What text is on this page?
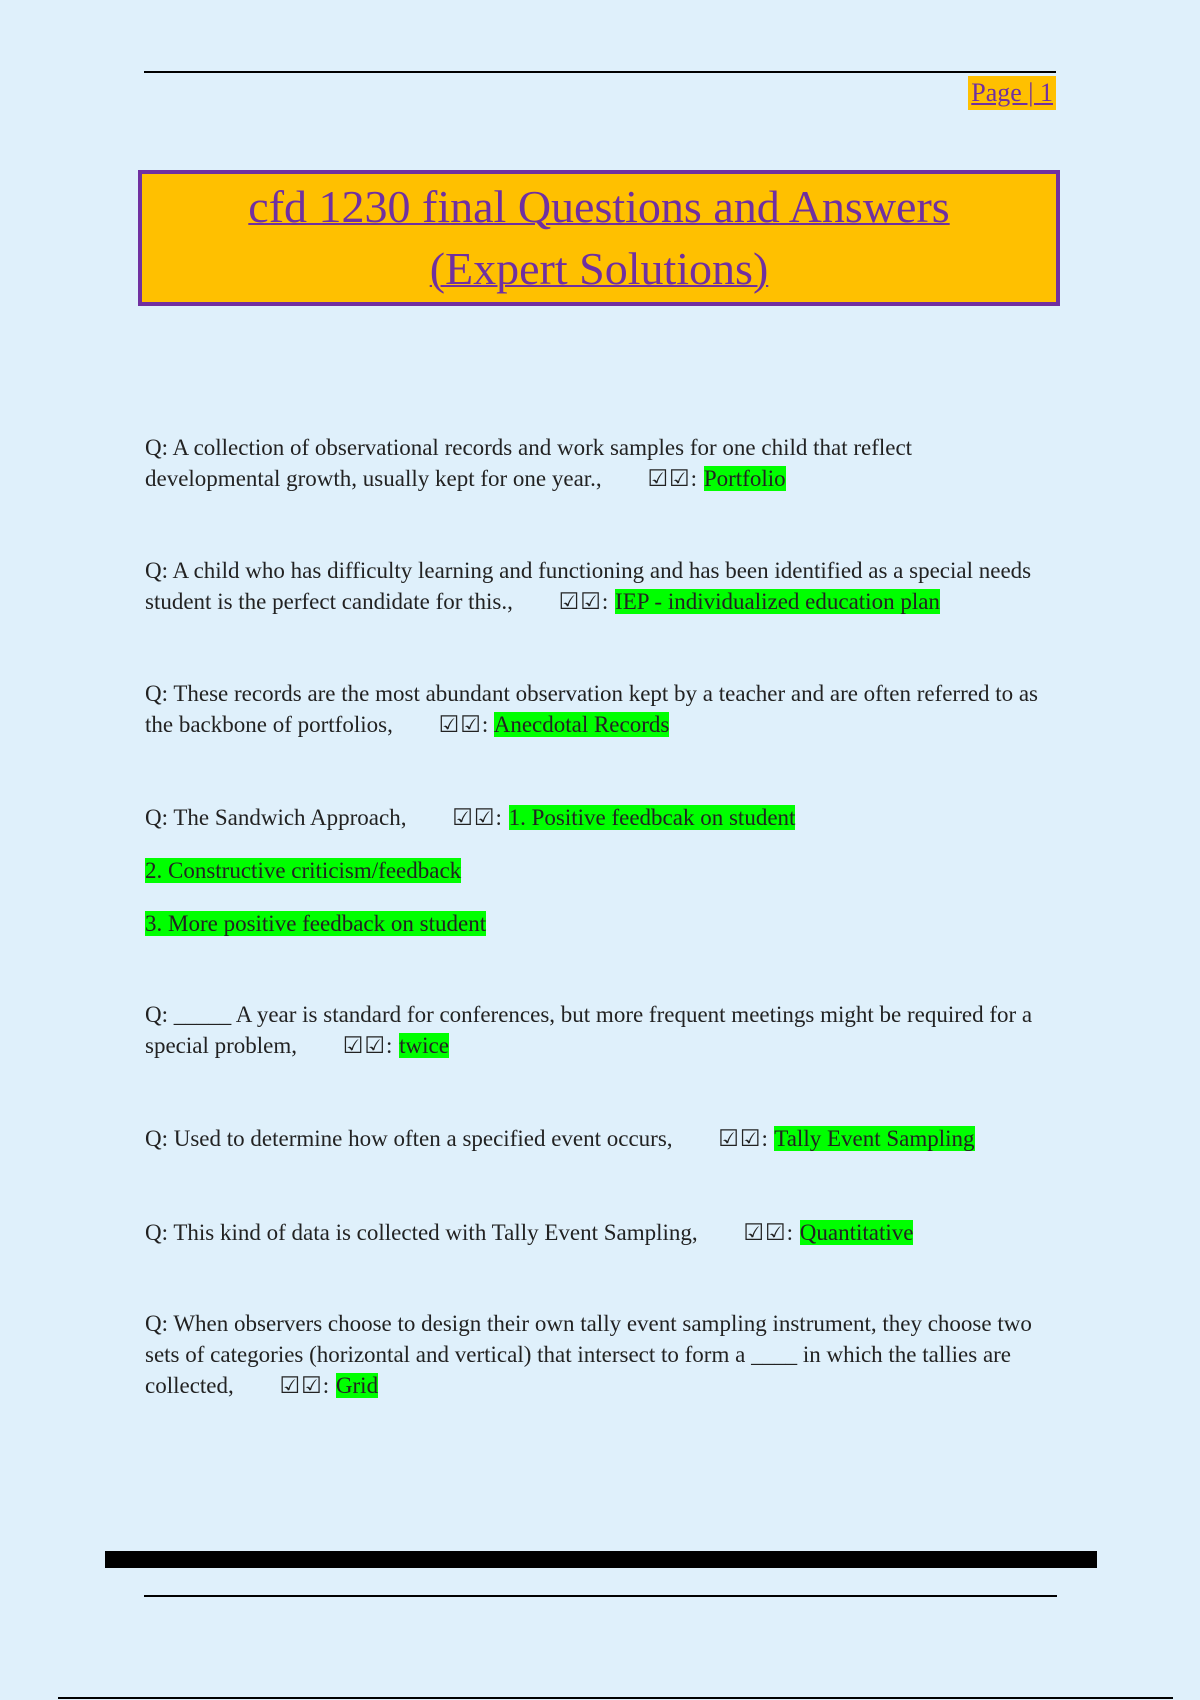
Page | 1
cfd 1230 final Questions and Answers
(Expert Solutions)
Q: A collection of observational records and work samples for one child that reflect developmental growth, usually kept for one year., ☑☑: Portfolio
Q: A child who has difficulty learning and functioning and has been identified as a special needs student is the perfect candidate for this., ☑☑: IEP - individualized education plan
Q: These records are the most abundant observation kept by a teacher and are often referred to as the backbone of portfolios, ☑☑: Anecdotal Records
Q: The Sandwich Approach, ☑☑: 1. Positive feedbcak on student
2. Constructive criticism/feedback
3. More positive feedback on student
Q: _____ A year is standard for conferences, but more frequent meetings might be required for a special problem, ☑☑: twice
Q: Used to determine how often a specified event occurs, ☑☑: Tally Event Sampling
Q: This kind of data is collected with Tally Event Sampling, ☑☑: Quantitative
Q: When observers choose to design their own tally event sampling instrument, they choose two sets of categories (horizontal and vertical) that intersect to form a ____ in which the tallies are collected, ☑☑: Grid
